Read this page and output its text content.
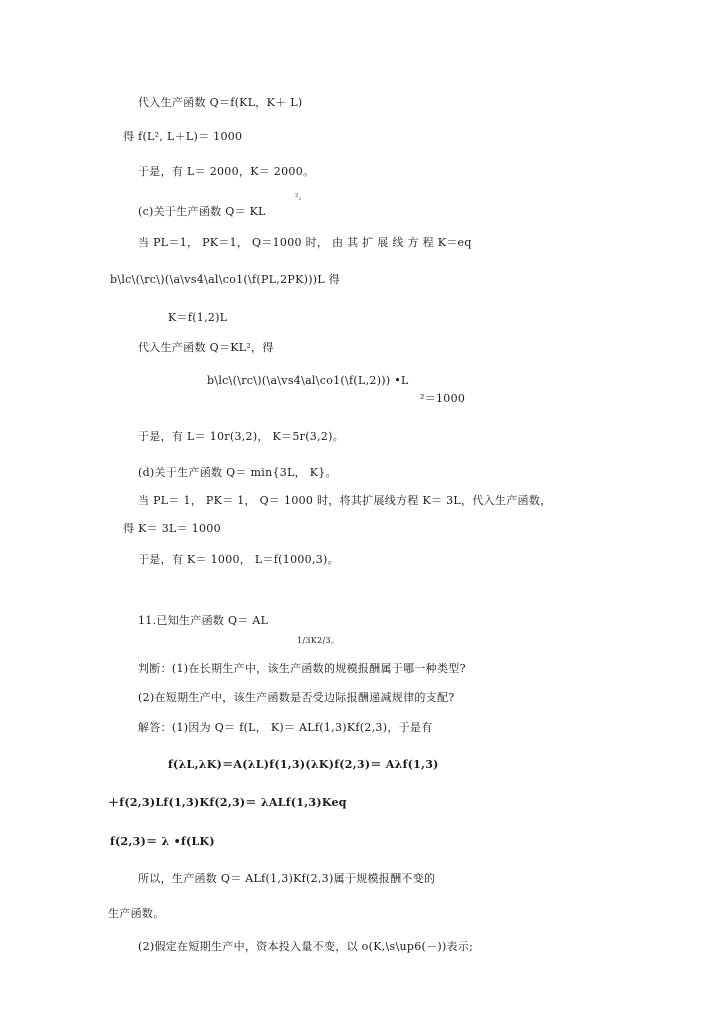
代入生产函数 Q＝f(KL，K＋ L)
得 f(L², L＋L)＝ 1000
于是，有 L＝ 2000，K＝ 2000。
²。
(c)关于生产函数 Q＝ KL
当 PL＝1， PK＝1， Q＝1000 时， 由 其 扩 展 线 方 程 K＝eq
b\lc\(\rc\)(\a\vs4\al\co1(\f(PL,2PK)))L 得
K＝f(1,2)L
代入生产函数 Q＝KL²，得
b\lc\(\rc\)(\a\vs4\al\co1(\f(L,2))) •L
²＝1000
于是，有 L＝ 10r(3,2)， K＝5r(3,2)。
(d)关于生产函数 Q＝ min{3L， K}。
当 PL＝ 1， PK＝ 1， Q＝ 1000 时，将其扩展线方程 K＝ 3L，代入生产函数，
得 K＝ 3L＝ 1000
于是，有 K＝ 1000， L＝f(1000,3)。
11.已知生产函数 Q＝ AL
1/3K2/3。
判断：(1)在长期生产中，该生产函数的规模报酬属于哪一种类型?
(2)在短期生产中，该生产函数是否受边际报酬递减规律的支配?
解答：(1)因为 Q＝ f(L， K)＝ ALf(1,3)Kf(2,3)，于是有
f(λL,λK)＝A(λL)f(1,3)(λK)f(2,3)＝ Aλf(1,3)
＋f(2,3)Lf(1,3)Kf(2,3)＝ λALf(1,3)Keq
f(2,3)＝ λ •f(LK)
所以，生产函数 Q＝ ALf(1,3)Kf(2,3)属于规模报酬不变的
生产函数。
(2)假定在短期生产中，资本投入量不变，以 o(K,\s\up6(－))表示;
